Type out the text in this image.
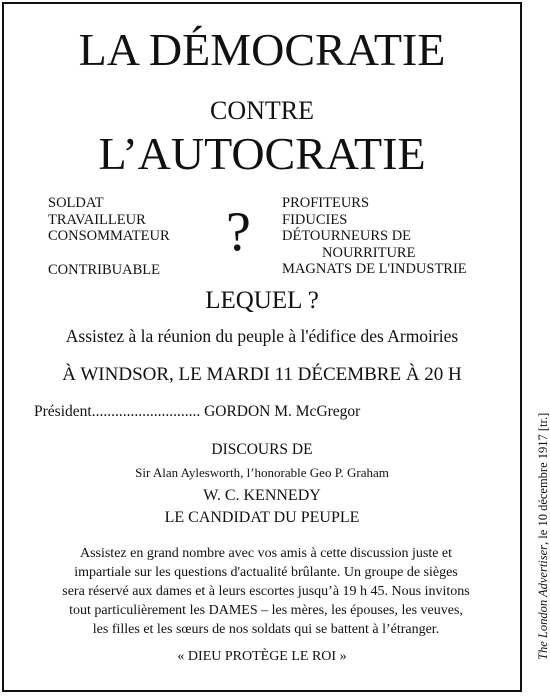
LA DÉMOCRATIE
CONTRE
L’AUTOCRATIE
SOLDAT
TRAVAILLEUR
CONSOMMATEUR
CONTRIBUABLE
? PROFITEURS
FIDUCIES
DÉTOURNEURS DE
NOURRITURE
MAGNATS DE L'INDUSTRIE
LEQUEL ?
Assistez à la réunion du peuple à l'édifice des Armoiries
À WINDSOR, LE MARDI 11 DÉCEMBRE À 20 H
Président............................ GORDON M. McGregor
DISCOURS DE
Sir Alan Aylesworth, l’honorable Geo P. Graham
W. C. KENNEDY
LE CANDIDAT DU PEUPLE
Assistez en grand nombre avec vos amis à cette discussion juste et
impartiale sur les questions d'actualité brûlante. Un groupe de sièges
sera réservé aux dames et à leurs escortes jusqu’à 19 h 45. Nous invitons
tout particulièrement les DAMES – les mères, les épouses, les veuves,
les filles et les sœurs de nos soldats qui se battent à l’étranger.
« DIEU PROTÈGE LE ROI »	The London Advertiser, le 10 décembre 1917 [tr.]
